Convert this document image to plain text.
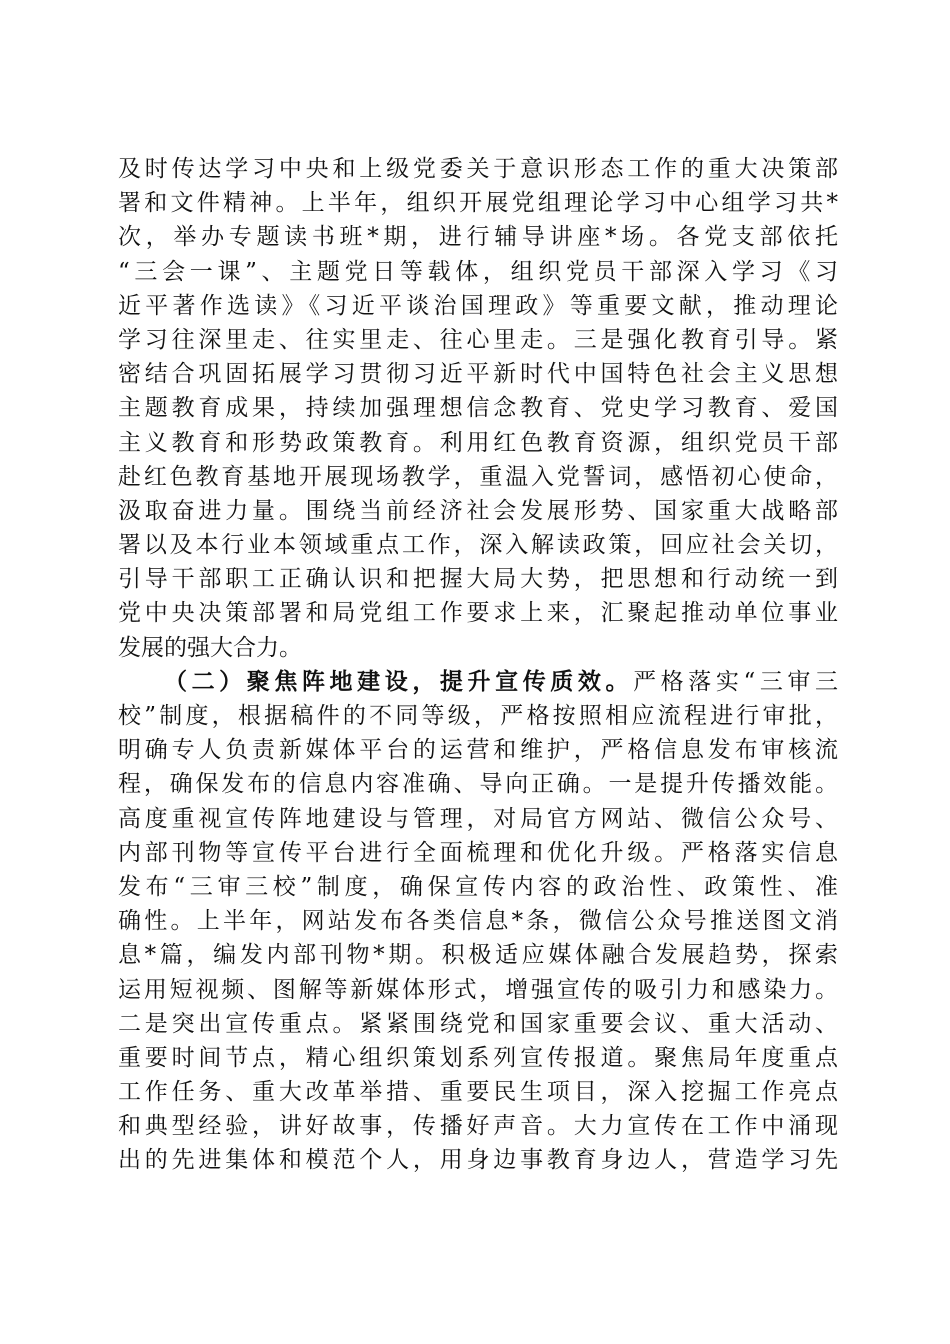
及时传达学习中央和上级党委关于意识形态工作的重大决策部
署和文件精神。上半年，组织开展党组理论学习中心组学习共*
次，举办专题读书班*期，进行辅导讲座*场。各党支部依托
“三会一课”、主题党日等载体，组织党员干部深入学习《习
近平著作选读》《习近平谈治国理政》等重要文献，推动理论
学习往深里走、往实里走、往心里走。三是强化教育引导。紧
密结合巩固拓展学习贯彻习近平新时代中国特色社会主义思想
主题教育成果，持续加强理想信念教育、党史学习教育、爱国
主义教育和形势政策教育。利用红色教育资源，组织党员干部
赴红色教育基地开展现场教学，重温入党誓词，感悟初心使命，
汲取奋进力量。围绕当前经济社会发展形势、国家重大战略部
署以及本行业本领域重点工作，深入解读政策，回应社会关切，
引导干部职工正确认识和把握大局大势，把思想和行动统一到
党中央决策部署和局党组工作要求上来，汇聚起推动单位事业
发展的强大合力。
（二）聚焦阵地建设，提升宣传质效。严格落实“三审三
校”制度，根据稿件的不同等级，严格按照相应流程进行审批，
明确专人负责新媒体平台的运营和维护，严格信息发布审核流
程，确保发布的信息内容准确、导向正确。一是提升传播效能。
高度重视宣传阵地建设与管理，对局官方网站、微信公众号、
内部刊物等宣传平台进行全面梳理和优化升级。严格落实信息
发布“三审三校”制度，确保宣传内容的政治性、政策性、准
确性。上半年，网站发布各类信息*条，微信公众号推送图文消
息*篇，编发内部刊物*期。积极适应媒体融合发展趋势，探索
运用短视频、图解等新媒体形式，增强宣传的吸引力和感染力。
二是突出宣传重点。紧紧围绕党和国家重要会议、重大活动、
重要时间节点，精心组织策划系列宣传报道。聚焦局年度重点
工作任务、重大改革举措、重要民生项目，深入挖掘工作亮点
和典型经验，讲好故事，传播好声音。大力宣传在工作中涌现
出的先进集体和模范个人，用身边事教育身边人，营造学习先
